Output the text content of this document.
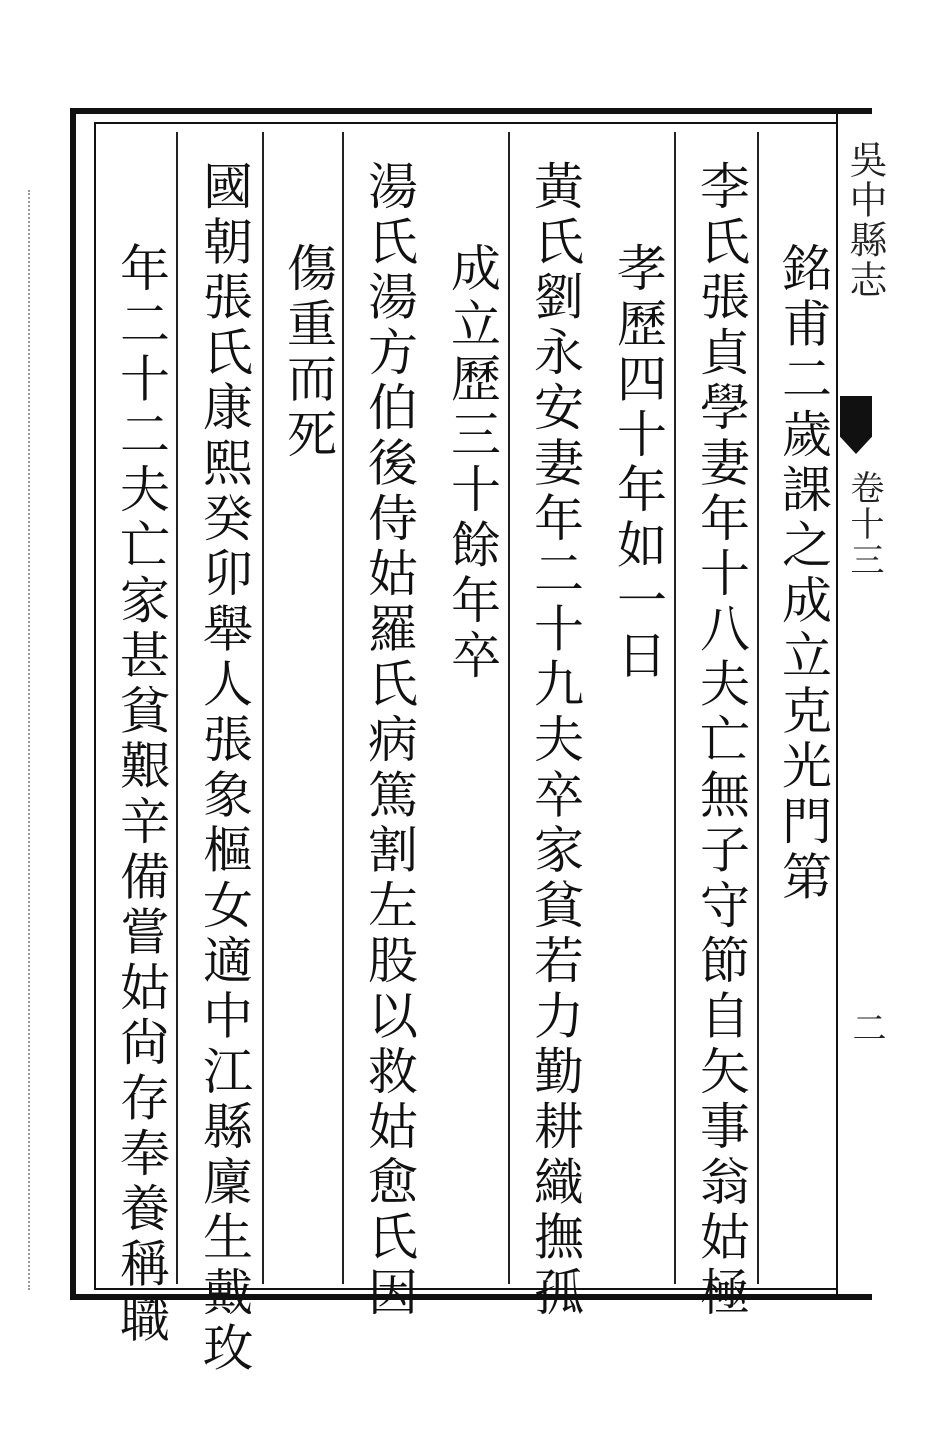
銘甫二歲課之成立克光門第
李氏張貞學妻年十八夫亡無子守節自矢事翁姑極
孝歷四十年如一日
黃氏劉永安妻年二十九夫卒家貧若力勤耕織撫孤
成立歷三十餘年卒
湯氏湯方伯後侍姑羅氏病篤割左股以救姑愈氏因
傷重而死
國朝張氏康熙癸卯舉人張象樞女適中江縣廩生戴玫
年二十二夫亡家甚貧艱辛備嘗姑尙存奉養稱職
吳中縣志
卷十三
二
